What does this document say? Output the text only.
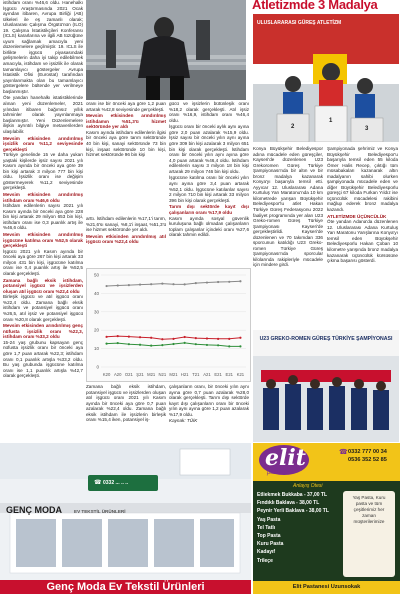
istihdam oranı %46,6 oldu. Hanehalkı İşgücü Araştırmasında 2021 Ocak ayından itibaren, Avrupa Birliği (AB) ülkeleri ile eş zamanlı olarak; Uluslararası Çalışma Örgütü'nün (ILO) 19. Çalışma İstatistikçileri Konferansı (ICLS) kararlarına ve ilgili AB tüzüğüne uyum sağlamak amacıyla yeni düzenlemelere geçilmiştir. 19. ICLS ile birlikte işgücü piyasasındaki gelişmelerin daha iyi takip edilebilmek amacıyla, istihdam ve işsizlik ile olarak tamamlayıcı göstergeler Avrupa İstatistik Ofisi (Eurostat) tarafından yayınlanmakta olan bu tamamlayıcı göstergelere bültende yer verilmeye başlanmıştır.

Öte yandan hanehalkı istatistiklerinde alınan yeni düzenlemeler, 2021 yılından itibaren bağımsız yıllık tahminler olarak yayınlanmaya başlanmıştır. Yeni Düzenlemelere ilişkin ayrıntılı bilgiye metaverilerden ulaşılabilir.

Mevsim etkisinden arındırılmış işsizlik oranı %11,2 seviyesinde gerçekleşti

Türkiye genelinde 15 ve daha yukarı yaştaki kişilerde işsiz sayısı 2021 yılı Kasım ayında bir önceki aya göre 39 bin kişi artarak 3 milyon 777 bin kişi oldu. İşsizlik oranı ise değişim göstermeyerek %11,2 seviyesinde gerçekleşti.

Mevsim etkisinden arındırılmış istihdam oranı %46,6 oldu

İstihdam edilenlerin sayısı 2021 yılı Kasım ayında bir önceki aya göre 228 bin kişi artarak 29 milyon 653 bin kişi, istihdam oranı ise 0,3 puanlık artış ile %46,6 oldu.

Mevsim etkisinden arındırılmış işgücüne katılma oranı %52,5 olarak gerçekleşti

İşgücü 2021 yılı Kasım ayında bir önceki aya göre 267 bin kişi artarak 33 milyon 431 bin kişi, işgücüne katılma oranı ise 0,4 puanlık artış ile %52,5 olarak gerçekleşti.

Zamana bağlı eksik istihdam, potansiyel işgücü ve işsizlerden oluşan atıl işgücü oranı %22,4 oldu

Birleşik işgücü ve atıl işgücü oranı %22,4 oldu. Zamana bağlı eksik istihdam ve potansiyel işgücü oranı %26,5, atıl işsiz ve potansiyel işgücü oranı %20,8 olarak gerçekleşti.

Mevsim etkisinden arındırılmış genç nüfusta işsizlik oranı %22,3, istihdam oranı %33,2 oldu

15-24 yaş grubunu kapsayan genç nüfusta işsizlik oranı bir önceki aya göre 1,7 puan artarak %22,3; istihdam oranı 0,1 puanlık artışla %33,2 oldu. Bu yaş grubunda işgücüne katılma oranı ise 1,1 puanlık artışla %42,7 olarak gerçekleşti.

oranı ise bir önceki aya göre 1,2 puan artarak %42,8 seviyesinde gerçekleşti.

Mevsim etkisinden arındırılmış istihdamın %51,3'ü hizmet sektöründe yer aldı

Kasım ayında istihdam edilenlerin ilgisi bir önceki aya göre tarım sektöründe 40 bin kişi, sanayi sektöründe 73 bin kişi, inşaat sektöründe 10 bin kişi, hizmet sektöründe 96 bin kişi

arttı. İstihdam edilenlerin %17,1'i tarım, %21,6'sı sanayi, %8,1'i inşaat, %51,3'ü ise hizmet sektöründe yer aldı.

Mevsim etkisinden arındırılmış atıl işgücü oranı %22,4 oldu

gücü ve işsizlerin bütünleşik oranı %18,2 olarak gerçekleşti. Atıl işsiz oranı %16,9, istihdam oranı %46,4 oldu.

İşgücü oranı bir önceki aylık aynı ayına göre 2,0 puan azalarak %15,9 oldu. İşsiz sayısı bir önceki yılın aynı ayına göre 309 bin kişi azalarak 3 milyon 651 bin kişi olarak gerçekleşti. İstihdam oranı bir önceki yılın aynı ayına göre 4,0 puan artarak %46,4 oldu. İstihdam edilenlerin sayısı 3 milyon 18 bin kişi artarak 29 milyon 746 bin kişi oldu.

İşgücüne katılma oranı bir önceki yılın aynı ayına göre 3,4 puan artarak %52,1 oldu. İşgücüne katılanlar sayısı 2 milyon 710 bin kişi artarak 33 milyon 396 bin kişi olarak gerçekleşti.

Tarım dışı sektörde kayıt dışı çalışanların oranı %17,9 oldu

Kasım ayında sosyal güvenlik kuruluşuna bağlı olmadan çalışanların toplam çalışanlar içindeki oranı %27,6 olarak tahmin edildi.

0
10
20
30
40
50
K20 A20 O21 Ş21 M21 N21 M21 H21 T21 A21 E21 E21 K21

Zamana bağlı eksik istihdam, potansiyel işgücü ve işsizlerden oluşan atıl işgücü oranı 2021 yılı Kasım ayında bir önceki aya göre 0,7 puan azalarak %22,4 oldu. Zamana bağlı eksik istihdam ile işsizlerin birleşik oranı %15,4 iken, potansiyel iş-

çalışanların oranı, bir önceki yılın aynı ayına göre 0,7 puan azalarak %28,0 olarak gerçekleşti. Tarım dışı sektörde kayıt dışı çalışanların oranı bir önceki yılın aynı ayına göre 1,2 puan azalarak %17,9 oldu.

Kaynak: TÜİK

Atletizmde 3 Madalya
ULUSLARARASI GÜREŞ ATLETİZM
2
1
3

Konya Büyükşehir Belediyespor adına mücadele eden güreşçiler, Kayseri'de düzenlenen U23 Grekoromen Güreş Türkiye Şampiyonası'nda bir altın ve bir bronz madalya kazanarak Konya'yı başarıyla temsil etti. Ayyıcar 12. Uluslararası Adana Kurtuluş Yarı Maratonu'nda 10 km kilometrede yarışan Büyükşehir Belediyespor'lu atlet Hakan

Türkiye Güreş Federasyonu 2022 faaliyet programında yer alan U23 Greko-romen Güreş Türkiye Şampiyonası Kayseri'de gerçekleştirildi. Kayseri'de düzenlenen ve 70 takımdan 336 sporcunun katıldığı U23 Greko-romen Türkiye Güreş Şampiyonası'nda sporcular kilolarında rakipleriyle mücadele için mindere girdi.

Şampiyonada şehrimiz ve Konya Büyükşehir Belediyespor'u başarıyla temsil eden 55 kiloda Ömer Halis Recep, çıktığı tüm müsabakaları kazanarak altın madalyanın sahibi olurken şampiyonada mücadele eden ve diğer Büyükşehir Belediyesporlu güreşçi 67 kiloda Furkan Yıldız ise üçüncülük mücadelesi rakibini mağlup ederek bronz madalya kazandı.

ATLETİZMDE ÜÇÜNCÜLÜK

Öte yandan Adana'da düzenlenen 12. Uluslararası Adana Kurtuluş Yarı Maratonu Yarışlarına Konya'yı temsil eden Büyükşehir Belediyesporlu Hakan Çoban 10 kilometre yarışında bronz madalya kazanarak üçüncülük kürsüsüne çıkma başarısı gösterdi.

U23 GREKO-ROMEN GÜREŞ TÜRKİYE ŞAMPİYONASI
GENÇ MODA	EV TEKSTİL ÜRÜNLERİ
☎ 0332 ... .. ..
Genç Moda Ev Tekstil Ürünleri
elit
pastanesi
☎ 0332 777 00 34
0536 352 52 85
Anlayış Otesi
Etliekmek Bukkaba - 37,00 TL
Fındıklı Baklava - 38,00 TL
Peynir Yerli Baklava - 38,00 TL
Yaş Pasta
Tel Tatlı
Top Pasta
Kuru Pasta
Kadayıf
Trileçe
Yaş Pasta, Kuru pasta ve tüm çeşitlerimiz her zaman müşterilerimize
Elit Pastanesi Uzunsokak
